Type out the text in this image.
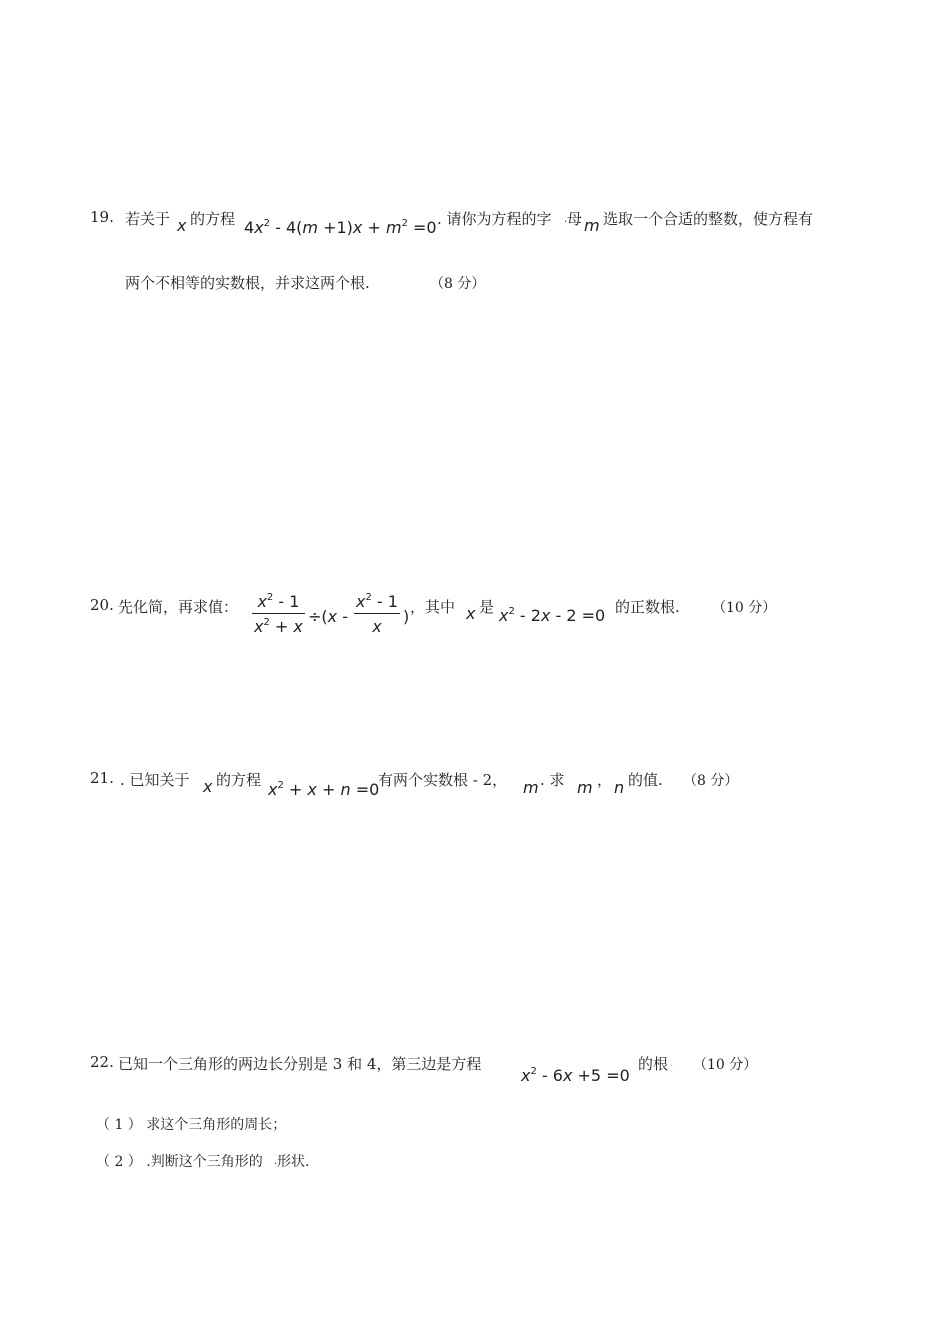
19. 若关于 x 的方程 $4x^2 - 4(m +1)x + m^2 =0$ . 请你为方程的字 . 母 m 选取一个合适的整数，使方程有
两个不相等的实数根，并求这两个根.	（8 分）
20. 先化简，再求值： $\frac{x^2 - 1}{x^2 + x} \div(x - \frac{x^2 - 1}{x}$ ) ，其中 x 是 $x^2 - 2x - 2 =0$ 的正数根. （10 分）
21. . 已知关于 x 的方程 $x^2 + x + n =0$
有两个实数根 - 2， m . 求 m ， n 的值. （8 分）
22. 已知一个三角形的两边长分别是 3 和 4，第三边是方程
$x^2 - 6x +5 =0$
的根 . （10 分）
（ 1 ） 求这个三角形的周长；
（ 2 ） .判断这个三角形的 . 形状.
